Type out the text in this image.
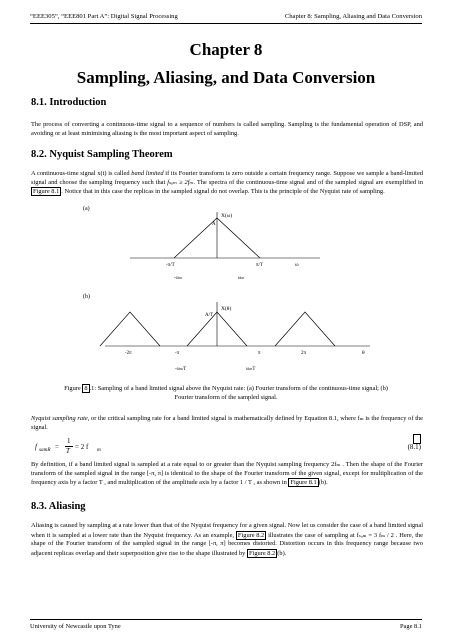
“EEE305”, “EEE801 Part A”: Digital Signal Processing	Chapter 8: Sampling, Aliasing and Data Conversion
Chapter 8
Sampling, Aliasing, and Data Conversion
8.1. Introduction
The process of converting a continuous-time signal to a sequence of numbers is called sampling. Sampling is the fundamental operation of DSP, and avoiding or at least minimising aliasing is the most important aspect of sampling.
8.2. Nyquist Sampling Theorem
A continuous-time signal x(t) is called band limited if its Fourier transform is zero outside a certain frequency range. Suppose we sample a band-limited signal and choose the sampling frequency such that fₛₐₘ ≥ 2fₘ. The spectra of the continuous-time signal and of the sampled signal are exemplified in Figure 8.1 . Notice that in this case the replicas in the sampled signal do not overlap. This is the principle of the Nyquist rate of sampling.
(a)
A
X(ω)
-π/T	π/T	ω
-ωₘ	ωₘ
(b)
A/T
X(θ)
-2π	-π	π	2π	θ
-ωₘT	ωₘT
Figure 8 .1: Sampling of a band limited signal above the Nyquist rate: (a) Fourier transform of the continuous-time signal; (b) Fourier transform of the sampled signal.
Nyquist sampling rate, or the critical sampling rate for a band limited signal is mathematically defined by Equation 8.1, where fₘ is the frequency of the signal.
f samR =
1
T = 2 f m	(8.1)
By definition, if a band limited signal is sampled at a rate equal to or greater than the Nyquist sampling frequency 2fₘ . Then the shape of the Fourier transform of the sampled signal in the range [-π, π] is identical to the shape of the Fourier transform of the given signal, except for multiplication of the frequency axis by a factor T , and multiplication of the amplitude axis by a factor 1 / T , as shown in Figure 8.1 (b).
8.3. Aliasing
Aliasing is caused by sampling at a rate lower than that of the Nyquist frequency for a given signal. Now let us consider the case of a band limited signal when it is sampled at a lower rate than the Nyquist frequency. As an example, Figure 8.2 illustrates the case of sampling at fₛₐₘ = 3 fₘ / 2 . Here, the shape of the Fourier transform of the sampled signal in the range [-π, π] becomes distorted. Distortion occurs in this frequency range because two adjacent replicas overlap and their superposition give rise to the shape illustrated by Figure 8.2 (b).
University of Newcastle upon Tyne	Page 8.1
